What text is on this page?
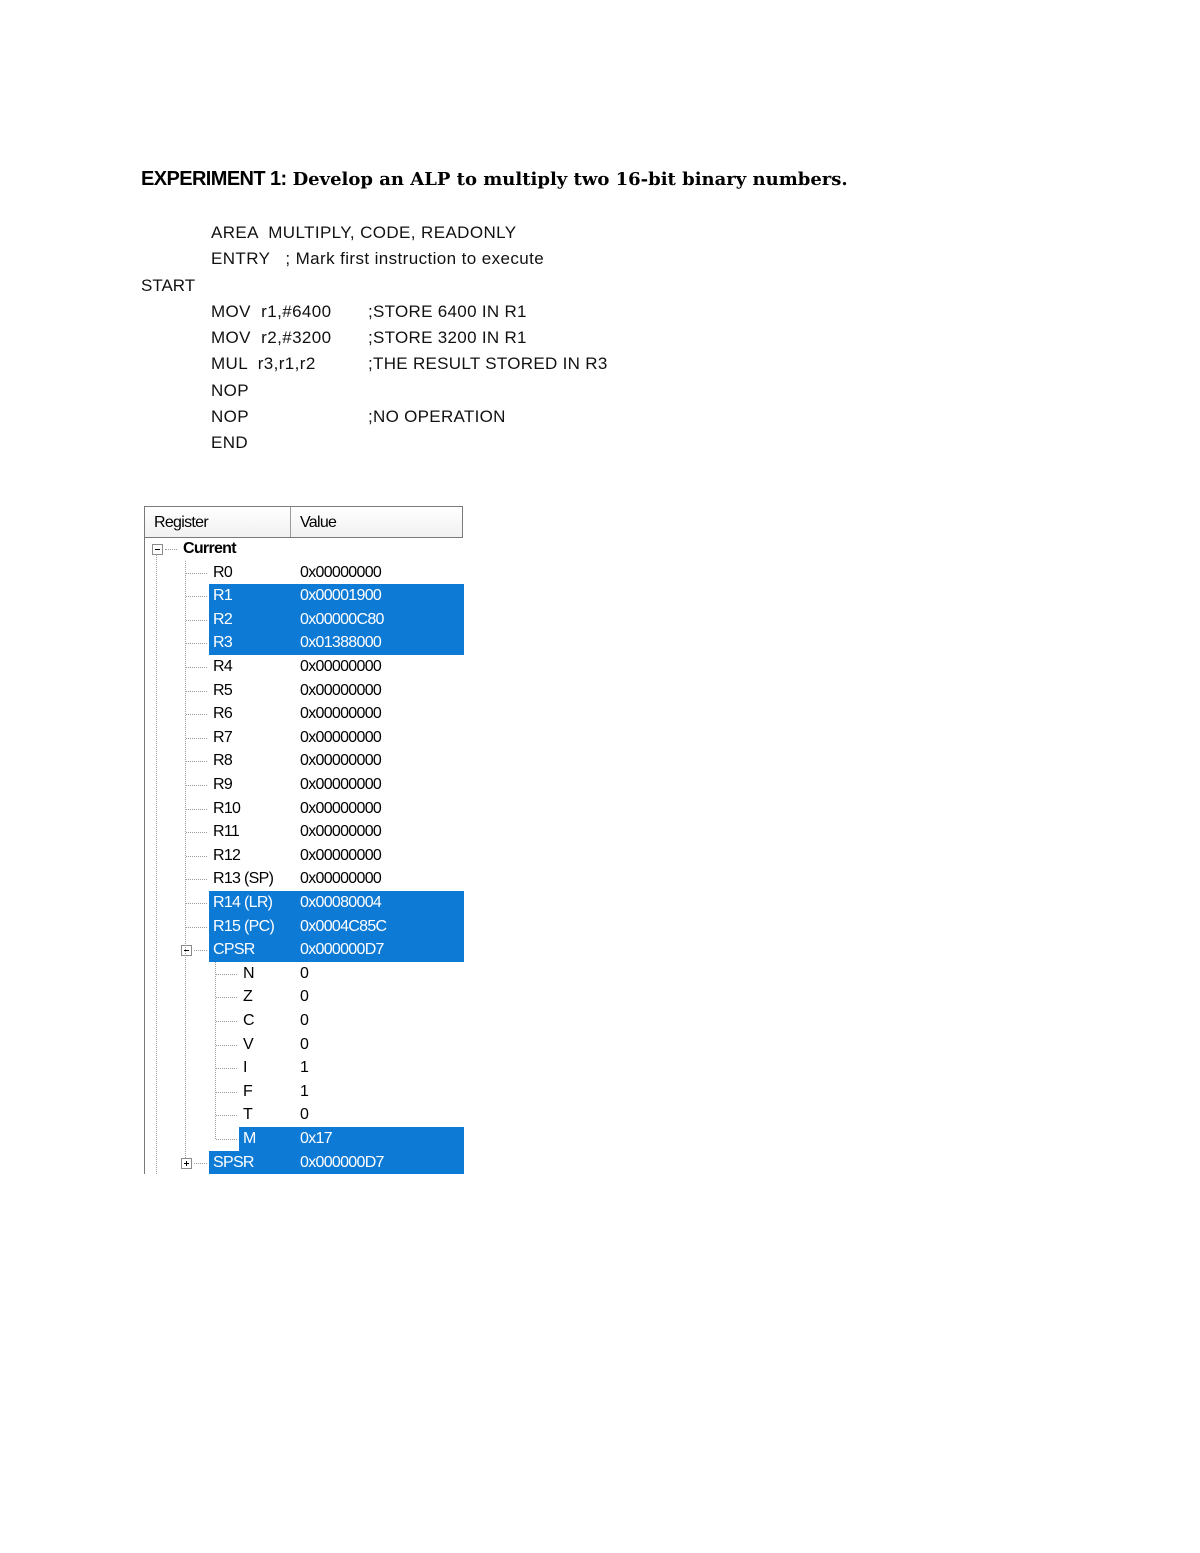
EXPERIMENT 1: Develop an ALP to multiply two 16-bit binary numbers.
AREA  MULTIPLY, CODE, READONLY
ENTRY   ; Mark first instruction to execute
START
MOV  r1,#6400 ;STORE 6400 IN R1
MOV  r2,#3200 ;STORE 3200 IN R1
MUL  r3,r1,r2	;THE RESULT STORED IN R3
NOP
NOP	;NO OPERATION
END
Register	Value
Current
R0	0x00000000
R1	0x00001900
R2	0x00000C80
R3	0x01388000
R4	0x00000000
R5	0x00000000
R6	0x00000000
R7	0x00000000
R8	0x00000000
R9	0x00000000
R10	0x00000000
R11	0x00000000
R12	0x00000000
R13 (SP) 0x00000000
R14 (LR) 0x00080004
R15 (PC) 0x0004C85C
CPSR	0x000000D7
N	0
Z	0
C	0
V	0
I	1
F	1
T	0
M	0x17
SPSR	0x000000D7
